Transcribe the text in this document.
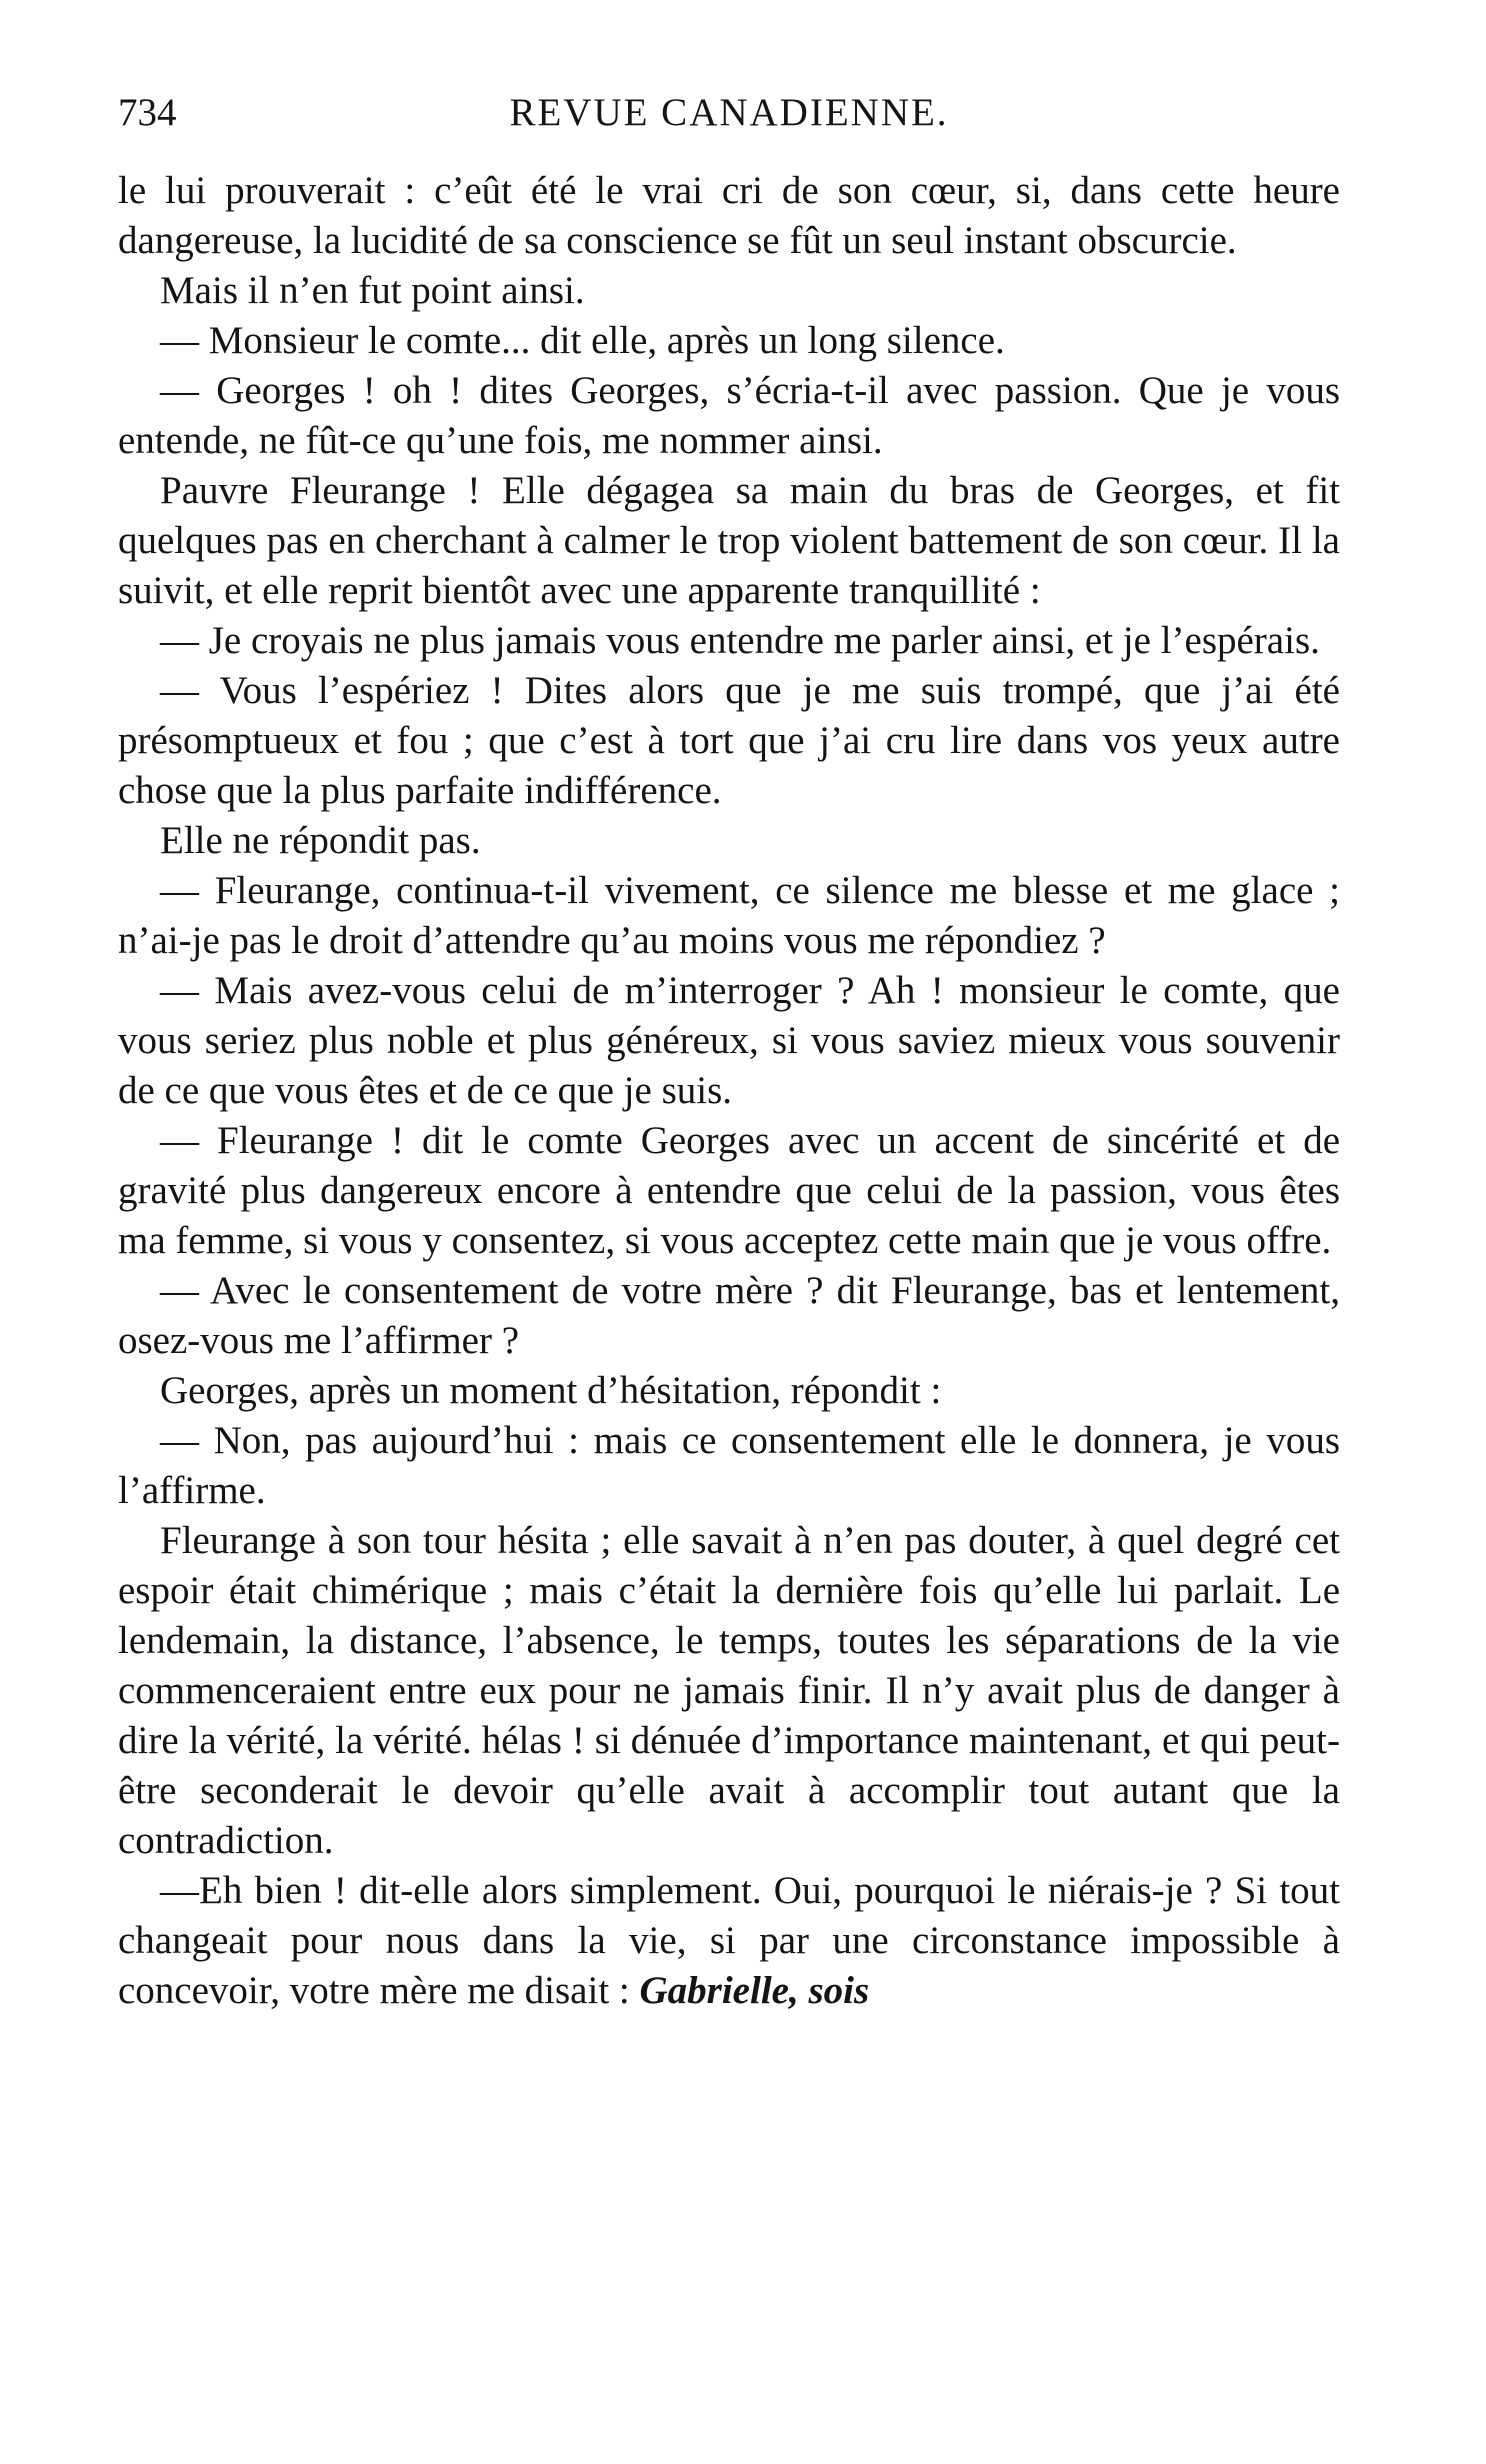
734	REVUE CANADIENNE.

le lui prouverait : c’eût été le vrai cri de son cœur, si, dans cette heure dangereuse, la lucidité de sa conscience se fût un seul instant obscurcie.

Mais il n’en fut point ainsi.

— Monsieur le comte... dit elle, après un long silence.

— Georges ! oh ! dites Georges, s’écria-t-il avec passion. Que je vous entende, ne fût-ce qu’une fois, me nommer ainsi.

Pauvre Fleurange ! Elle dégagea sa main du bras de Georges, et fit quelques pas en cherchant à calmer le trop violent battement de son cœur. Il la suivit, et elle reprit bientôt avec une apparente tranquillité :

— Je croyais ne plus jamais vous entendre me parler ainsi, et je l’espérais.

— Vous l’espériez ! Dites alors que je me suis trompé, que j’ai été présomptueux et fou ; que c’est à tort que j’ai cru lire dans vos yeux autre chose que la plus parfaite indifférence.

Elle ne répondit pas.

— Fleurange, continua-t-il vivement, ce silence me blesse et me glace ; n’ai-je pas le droit d’attendre qu’au moins vous me répondiez ?

— Mais avez-vous celui de m’interroger ? Ah ! monsieur le comte, que vous seriez plus noble et plus généreux, si vous saviez mieux vous souvenir de ce que vous êtes et de ce que je suis.

— Fleurange ! dit le comte Georges avec un accent de sincérité et de gravité plus dangereux encore à entendre que celui de la passion, vous êtes ma femme, si vous y consentez, si vous acceptez cette main que je vous offre.

— Avec le consentement de votre mère ? dit Fleurange, bas et lentement, osez-vous me l’affirmer ?

Georges, après un moment d’hésitation, répondit :

— Non, pas aujourd’hui : mais ce consentement elle le donnera, je vous l’affirme.

Fleurange à son tour hésita ; elle savait à n’en pas douter, à quel degré cet espoir était chimérique ; mais c’était la dernière fois qu’elle lui parlait. Le lendemain, la distance, l’absence, le temps, toutes les séparations de la vie commenceraient entre eux pour ne jamais finir. Il n’y avait plus de danger à dire la vérité, la vérité. hélas ! si dénuée d’importance maintenant, et qui peut-être seconderait le devoir qu’elle avait à accomplir tout autant que la contradiction.

—Eh bien ! dit-elle alors simplement. Oui, pourquoi le niérais-je ? Si tout changeait pour nous dans la vie, si par une circonstance impossible à concevoir, votre mère me disait : Gabrielle, sois
